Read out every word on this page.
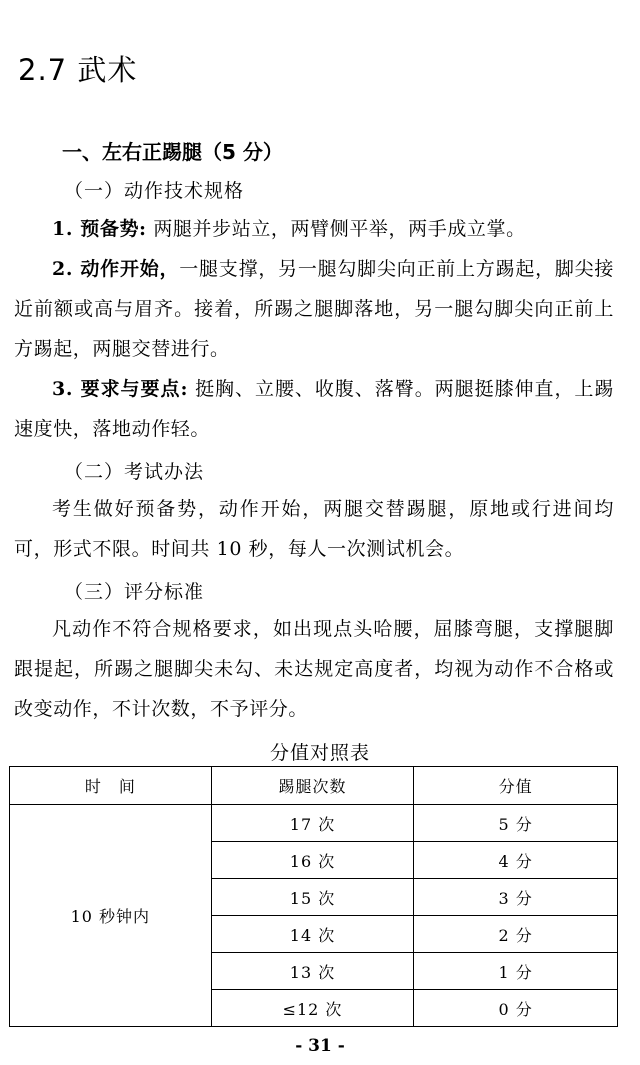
2.7 武术
一、左右正踢腿（5 分）
（一）动作技术规格
1. 预备势: 两腿并步站立，两臂侧平举，两手成立掌。
2. 动作开始，一腿支撑，另一腿勾脚尖向正前上方踢起，脚尖接近前额或高与眉齐。接着，所踢之腿脚落地，另一腿勾脚尖向正前上方踢起，两腿交替进行。
3. 要求与要点: 挺胸、立腰、收腹、落臀。两腿挺膝伸直，上踢速度快，落地动作轻。
（二）考试办法
考生做好预备势，动作开始，两腿交替踢腿，原地或行进间均可，形式不限。时间共 10 秒，每人一次测试机会。
（三）评分标准
凡动作不符合规格要求，如出现点头哈腰，屈膝弯腿，支撑腿脚跟提起，所踢之腿脚尖未勾、未达规定高度者，均视为动作不合格或改变动作，不计次数，不予评分。
分值对照表
时　间	踢腿次数	分值
10 秒钟内	17 次	5 分
	16 次	4 分
	15 次	3 分
	14 次	2 分
	13 次	1 分
	≤12 次	0 分
- 31 -
